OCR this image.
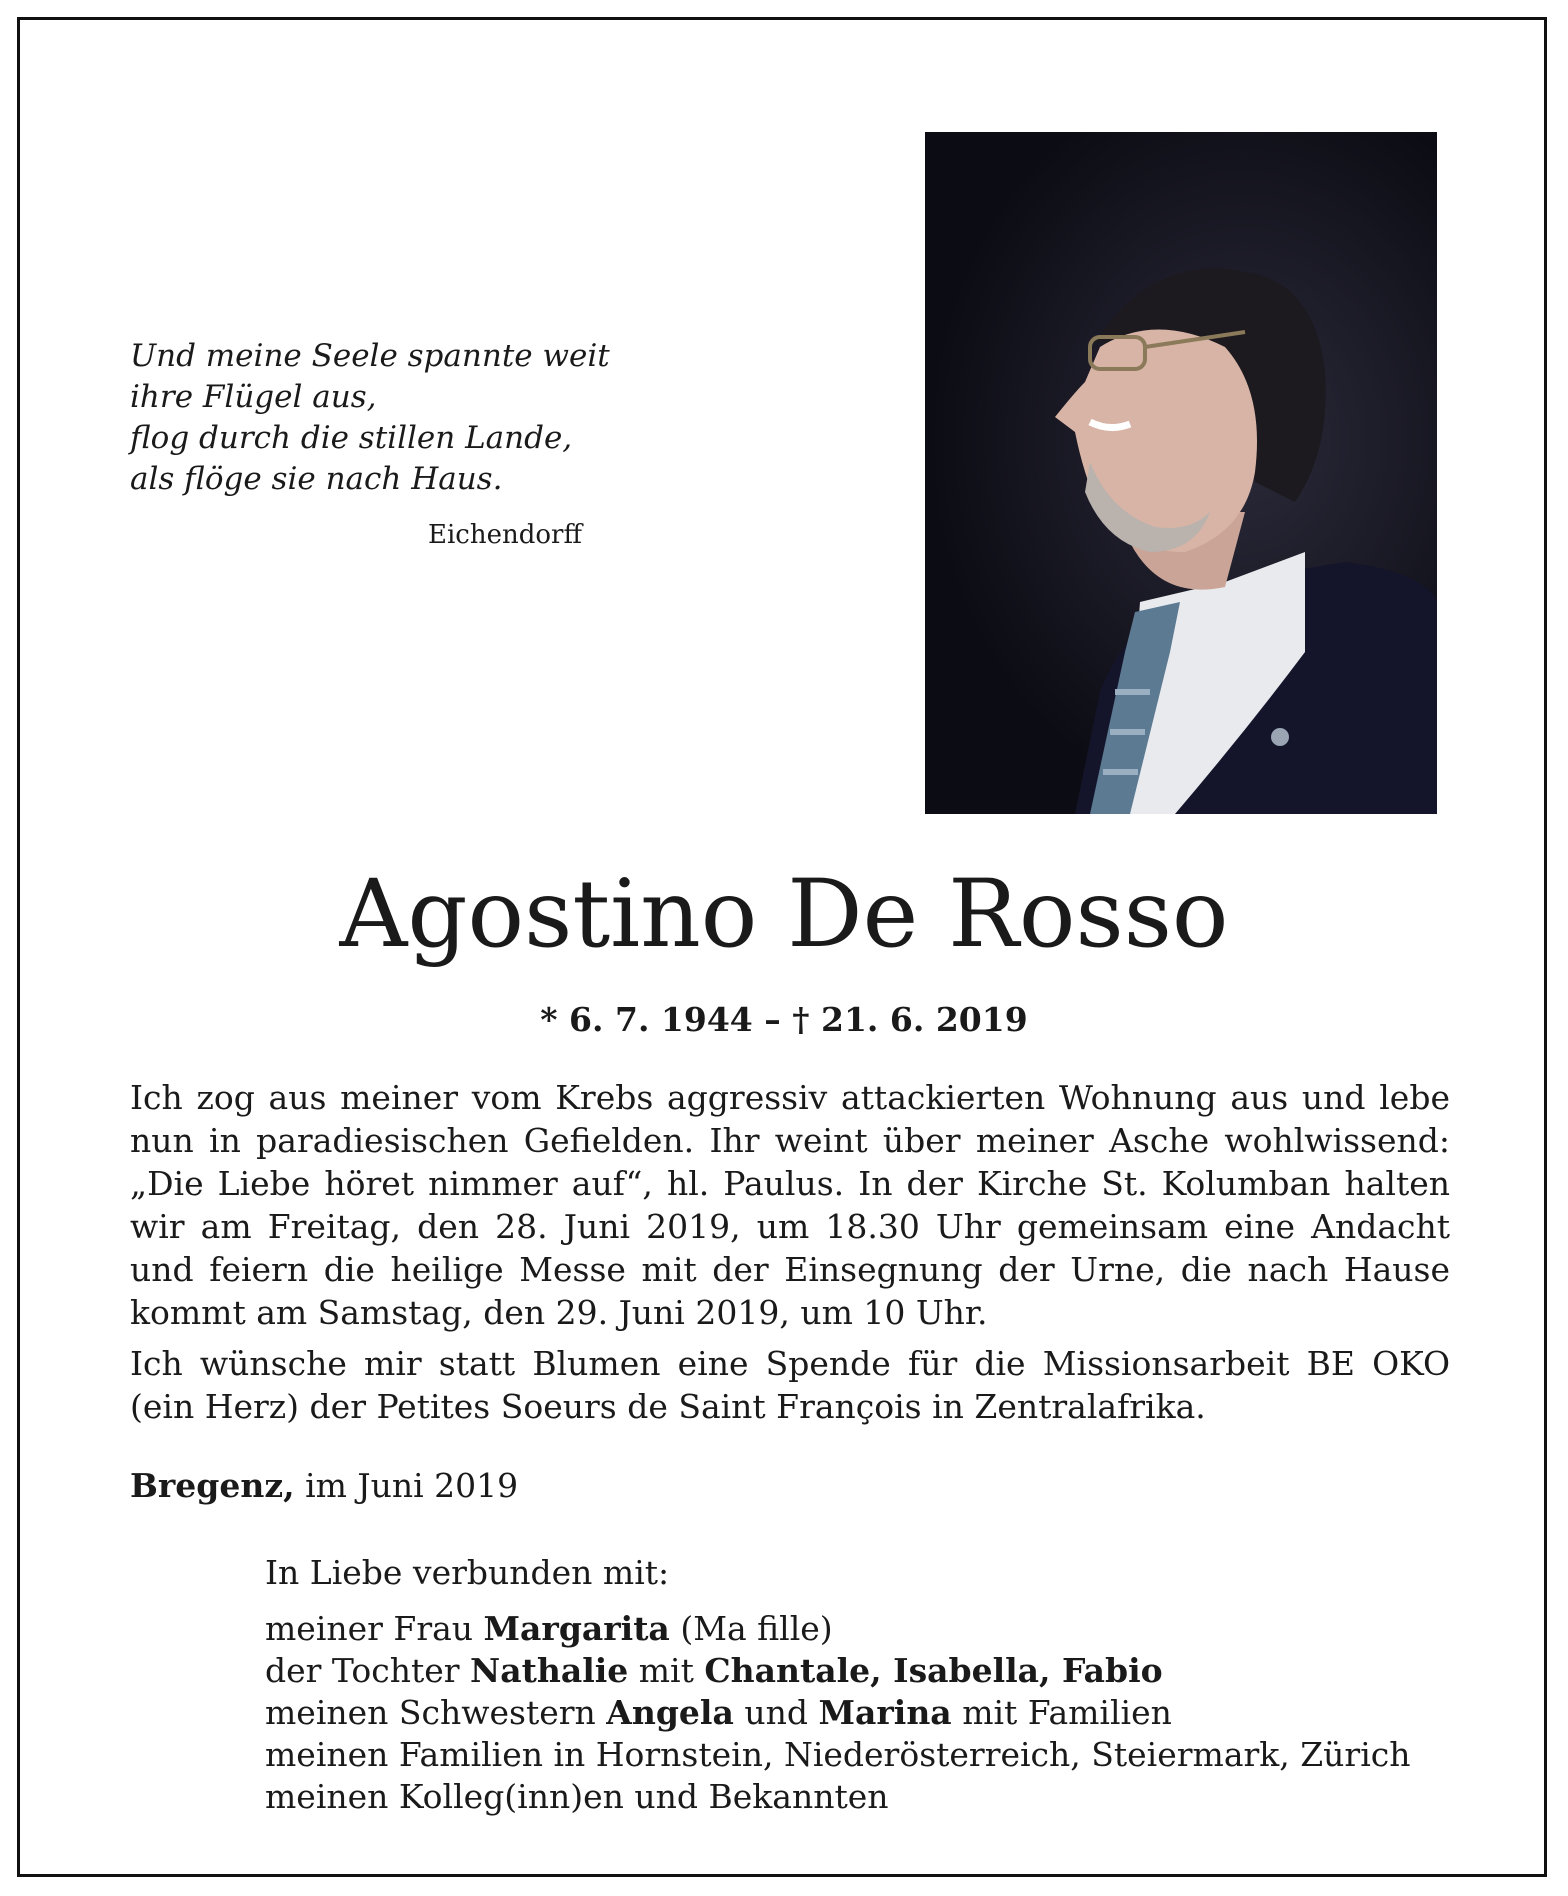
Und meine Seele spannte weit
ihre Flügel aus,
flog durch die stillen Lande,
als flöge sie nach Haus.
Eichendorff
Agostino De Rosso
* 6. 7. 1944 – † 21. 6. 2019

Ich zog aus meiner vom Krebs aggressiv attackierten Wohnung aus und lebe nun in paradiesischen Gefielden. Ihr weint über meiner Asche wohlwissend: „Die Liebe höret nimmer auf“, hl. Paulus. In der Kirche St. Kolumban halten wir am Freitag, den 28. Juni 2019, um 18.30 Uhr gemeinsam eine Andacht und feiern die heilige Messe mit der Einsegnung der Urne, die nach Hause kommt am Samstag, den 29. Juni 2019, um 10 Uhr.

Ich wünsche mir statt Blumen eine Spende für die Missionsarbeit BE OKO (ein Herz) der Petites Soeurs de Saint François in Zentralafrika.

Bregenz, im Juni 2019
In Liebe verbunden mit:
meiner Frau Margarita (Ma fille)
der Tochter Nathalie mit Chantale, Isabella, Fabio
meinen Schwestern Angela und Marina mit Familien
meinen Familien in Hornstein, Niederösterreich, Steiermark, Zürich
meinen Kolleg(inn)en und Bekannten
